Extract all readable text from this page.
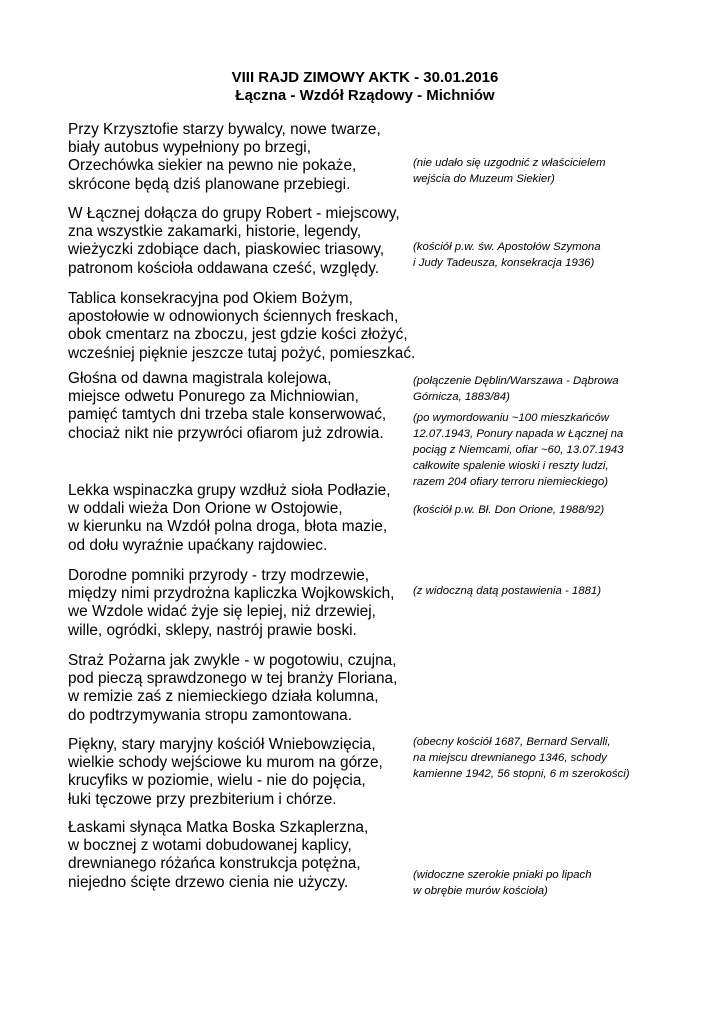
VIII RAJD ZIMOWY AKTK - 30.01.2016
Łączna - Wzdół Rządowy - Michniów
Przy Krzysztofie starzy bywalcy, nowe twarze,
biały autobus wypełniony po brzegi,
Orzechówka siekier na pewno nie pokaże,
skrócone będą dziś planowane przebiegi.
W Łącznej dołącza do grupy Robert - miejscowy,
zna wszystkie zakamarki, historie, legendy,
wieżyczki zdobiące dach, piaskowiec triasowy,
patronom kościoła oddawana cześć, względy.
Tablica konsekracyjna pod Okiem Bożym,
apostołowie w odnowionych ściennych freskach,
obok cmentarz na zboczu, jest gdzie kości złożyć,
wcześniej pięknie jeszcze tutaj pożyć, pomieszkać.
Głośna od dawna magistrala kolejowa,
miejsce odwetu Ponurego za Michniowian,
pamięć tamtych dni trzeba stale konserwować,
chociaż nikt nie przywróci ofiarom już zdrowia.
Lekka wspinaczka grupy wzdłuż sioła Podłazie,
w oddali wieża Don Orione w Ostojowie,
w kierunku na Wzdół polna droga, błota mazie,
od dołu wyraźnie upaćkany rajdowiec.
Dorodne pomniki przyrody - trzy modrzewie,
między nimi przydrożna kapliczka Wojkowskich,
we Wzdole widać żyje się lepiej, niż drzewiej,
wille, ogródki, sklepy, nastrój prawie boski.
Straż Pożarna jak zwykle - w pogotowiu, czujna,
pod pieczą sprawdzonego w tej branży Floriana,
w remizie zaś z niemieckiego działa kolumna,
do podtrzymywania stropu zamontowana.
Piękny, stary maryjny kościół Wniebowzięcia,
wielkie schody wejściowe ku murom na górze,
krucyfiks w poziomie, wielu - nie do pojęcia,
łuki tęczowe przy prezbiterium i chórze.
Łaskami słynąca Matka Boska Szkaplerzna,
w bocznej z wotami dobudowanej kaplicy,
drewnianego różańca konstrukcja potężna,
niejedno ścięte drzewo cienia nie użyczy.
(nie udało się uzgodnić z właścicielem
wejścia do Muzeum Siekier)
(kościół p.w. św. Apostołów Szymona
i Judy Tadeusza, konsekracja 1936)
(połączenie Dęblin/Warszawa - Dąbrowa
Górnicza, 1883/84)
(po wymordowaniu ~100 mieszkańców
12.07.1943, Ponury napada w Łącznej na
pociąg z Niemcami, ofiar ~60, 13.07.1943
całkowite spalenie wioski i reszty ludzi,
razem 204 ofiary terroru niemieckiego)
(kościół p.w. Bł. Don Orione, 1988/92)
(z widoczną datą postawienia - 1881)
(obecny kościół 1687, Bernard Servalli,
na miejscu drewnianego 1346, schody
kamienne 1942, 56 stopni, 6 m szerokości)
(widoczne szerokie pniaki po lipach
w obrębie murów kościoła)
